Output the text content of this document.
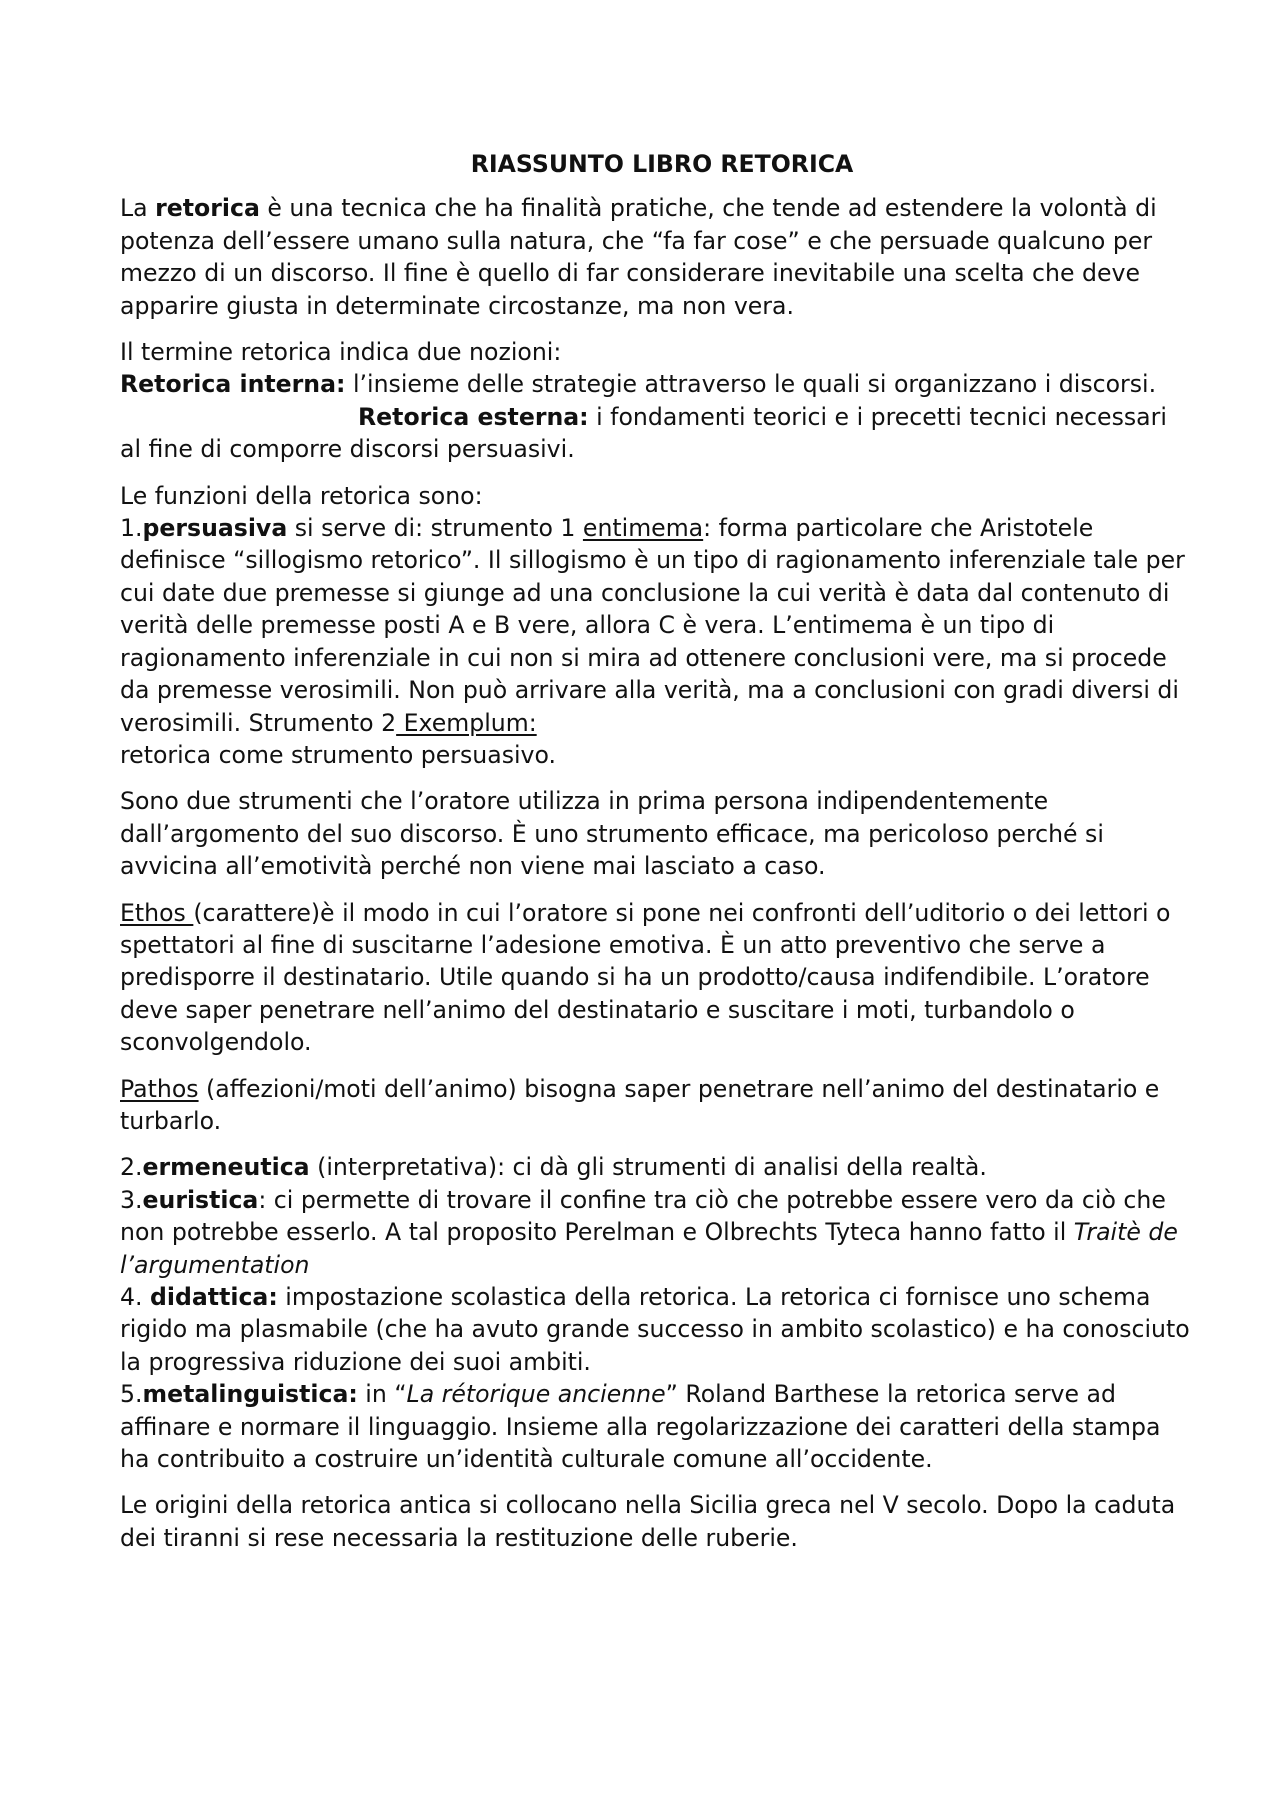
RIASSUNTO LIBRO RETORICA

La retorica è una tecnica che ha finalità pratiche, che tende ad estendere la volontà di potenza dell’essere umano sulla natura, che “fa far cose” e che persuade qualcuno per mezzo di un discorso. Il fine è quello di far considerare inevitabile una scelta che deve apparire giusta in determinate circostanze, ma non vera.

Il termine retorica indica due nozioni:
Retorica interna: l’insieme delle strategie attraverso le quali si organizzano i discorsi.Retorica esterna: i fondamenti teorici e i precetti tecnici necessari al fine di comporre discorsi persuasivi.

Le funzioni della retorica sono:
1.persuasiva si serve di: strumento 1 entimema: forma particolare che Aristotele definisce “sillogismo retorico”. Il sillogismo è un tipo di ragionamento inferenziale tale per cui date due premesse si giunge ad una conclusione la cui verità è data dal contenuto di verità delle premesse posti A e B vere, allora C è vera. L’entimema è un tipo di ragionamento inferenziale in cui non si mira ad ottenere conclusioni vere, ma si procede da premesse verosimili. Non può arrivare alla verità, ma a conclusioni con gradi diversi di verosimili. Strumento 2 Exemplum:
retorica come strumento persuasivo.

Sono due strumenti che l’oratore utilizza in prima persona indipendentemente dall’argomento del suo discorso. È uno strumento efficace, ma pericoloso perché si avvicina all’emotività perché non viene mai lasciato a caso.

Ethos (carattere)è il modo in cui l’oratore si pone nei confronti dell’uditorio o dei lettori o spettatori al fine di suscitarne l’adesione emotiva. È un atto preventivo che serve a predisporre il destinatario. Utile quando si ha un prodotto/causa indifendibile. L’oratore deve saper penetrare nell’animo del destinatario e suscitare i moti, turbandolo o sconvolgendolo.

Pathos (affezioni/moti dell’animo) bisogna saper penetrare nell’animo del destinatario e turbarlo.

2.ermeneutica (interpretativa): ci dà gli strumenti di analisi della realtà.
3.euristica: ci permette di trovare il confine tra ciò che potrebbe essere vero da ciò che non potrebbe esserlo. A tal proposito Perelman e Olbrechts Tyteca hanno fatto il Traitè de l’argumentation
4. didattica: impostazione scolastica della retorica. La retorica ci fornisce uno schema rigido ma plasmabile (che ha avuto grande successo in ambito scolastico) e ha conosciuto la progressiva riduzione dei suoi ambiti.
5.metalinguistica: in “La rétorique ancienne” Roland Barthese la retorica serve ad affinare e normare il linguaggio. Insieme alla regolarizzazione dei caratteri della stampa ha contribuito a costruire un’identità culturale comune all’occidente.

Le origini della retorica antica si collocano nella Sicilia greca nel V secolo. Dopo la caduta dei tiranni si rese necessaria la restituzione delle ruberie.
